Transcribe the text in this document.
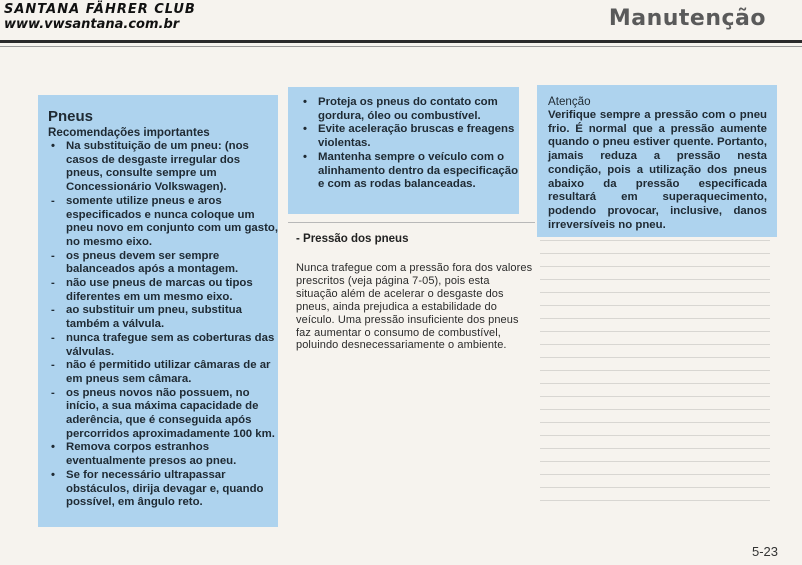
SANTANA FÄHRER CLUB
www.vwsantana.com.br	Manutenção
Pneus
Recomendações importantes
• Na substituição de um pneu: (nos casos de desgaste irregular dos pneus, consulte sempre um Concessionário Volkswagen).
- somente utilize pneus e aros especificados e nunca coloque um pneu novo em conjunto com um gasto, no mesmo eixo.
- os pneus devem ser sempre balanceados após a montagem.
- não use pneus de marcas ou tipos diferentes em um mesmo eixo.
- ao substituir um pneu, substitua também a válvula.
- nunca trafegue sem as coberturas das válvulas.
- não é permitido utilizar câmaras de ar em pneus sem câmara.
- os pneus novos não possuem, no início, a sua máxima capacidade de aderência, que é conseguida após percorridos aproximadamente 100 km.
• Remova corpos estranhos eventualmente presos ao pneu.
• Se for necessário ultrapassar obstáculos, dirija devagar e, quando possível, em ângulo reto.
• Proteja os pneus do contato com gordura, óleo ou combustível.
• Evite aceleração bruscas e freagens violentas.
• Mantenha sempre o veículo com o alinhamento dentro da especificação e com as rodas balanceadas.
- Pressão dos pneus
Nunca trafegue com a pressão fora dos valores prescritos (veja página 7-05), pois esta situação além de acelerar o desgaste dos pneus, ainda prejudica a estabilidade do veículo. Uma pressão insuficiente dos pneus faz aumentar o consumo de combustível, poluindo desnecessariamente o ambiente.
Atenção
Verifique sempre a pressão com o pneu frio. É normal que a pressão aumente quando o pneu estiver quente. Portanto, jamais reduza a pressão nesta condição, pois a utilização dos pneus abaixo da pressão especificada resultará em superaquecimento, podendo provocar, inclusive, danos irreversíveis no pneu.
5-23
